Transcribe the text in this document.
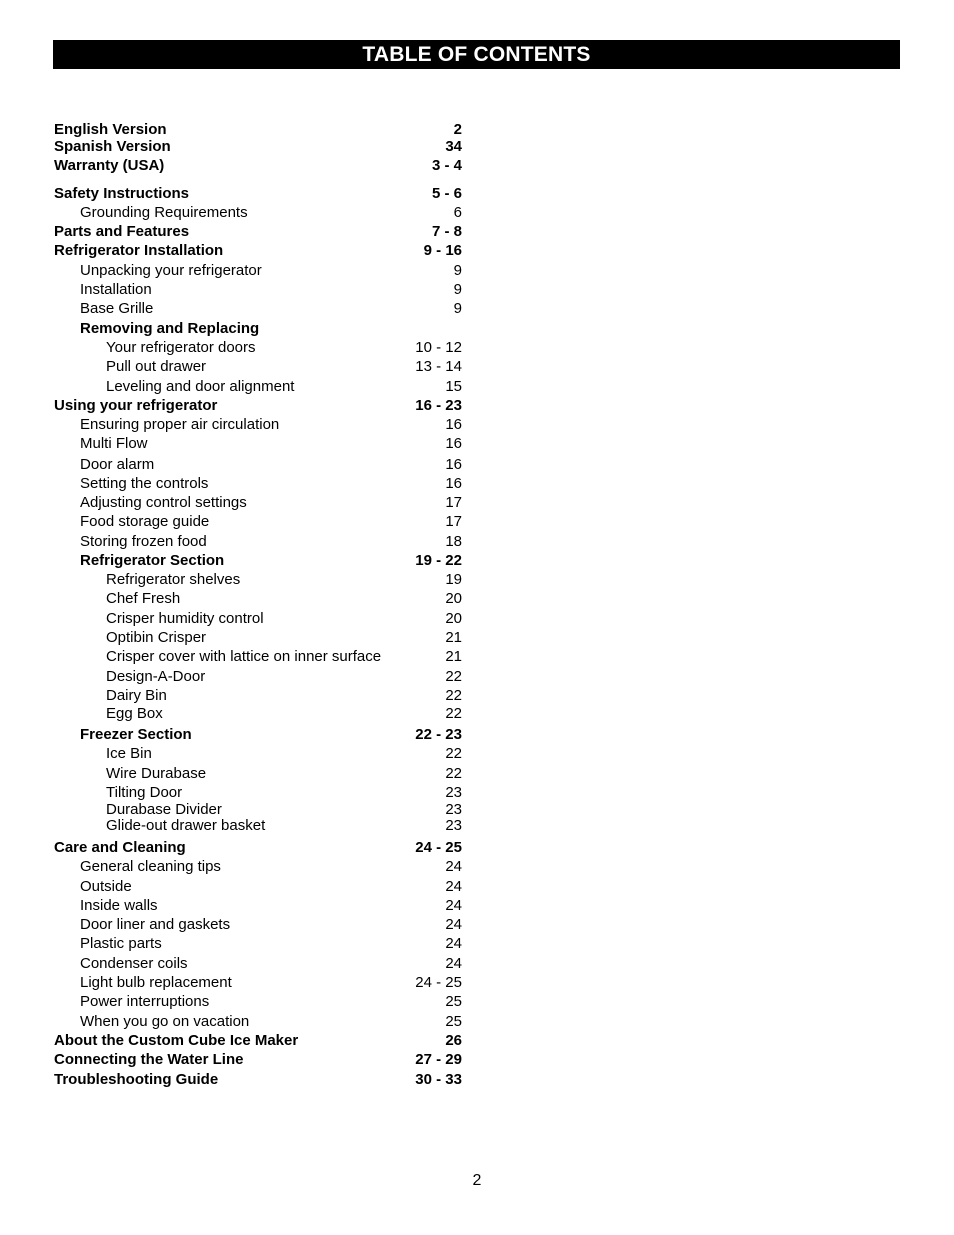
TABLE OF CONTENTS
English Version	2
Spanish Version	34
Warranty (USA)	3 - 4
Safety Instructions	5 - 6
Grounding Requirements	6
Parts and Features	7 - 8
Refrigerator Installation	9 - 16
Unpacking your refrigerator	9
Installation	9
Base Grille	9
Removing and Replacing
Your refrigerator doors	10 - 12
Pull out drawer	13 - 14
Leveling and door alignment	15
Using your refrigerator	16 - 23
Ensuring proper air circulation	16
Multi Flow	16
Door alarm	16
Setting the controls	16
Adjusting control settings	17
Food storage guide	17
Storing frozen food	18
Refrigerator Section	19 - 22
Refrigerator shelves	19
Chef Fresh	20
Crisper humidity control	20
Optibin Crisper	21
Crisper cover with lattice on inner surface	21
Design-A-Door	22
Dairy Bin	22
Egg Box	22
Freezer Section	22 - 23
Ice Bin	22
Wire Durabase	22
Tilting Door	23
Durabase Divider	23
Glide-out drawer basket	23
Care and Cleaning	24 - 25
General cleaning tips	24
Outside	24
Inside walls	24
Door liner and gaskets	24
Plastic parts	24
Condenser coils	24
Light bulb replacement	24 - 25
Power interruptions	25
When you go on vacation	25
About the Custom Cube Ice Maker	26
Connecting the Water Line	27 - 29
Troubleshooting Guide	30 - 33
2
